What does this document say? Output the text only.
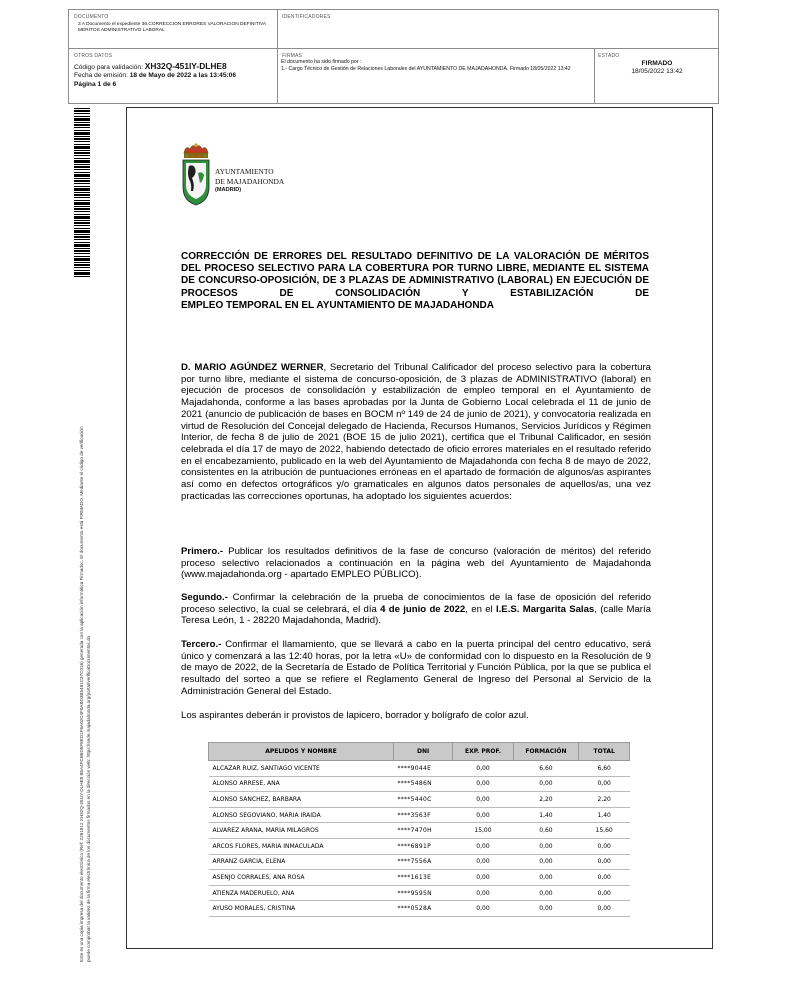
DOCUMENTO
3 A Documento el expediente 36.CORRECCION ERRORES VALORACION DEFINITIVA MERITOS ADMINISTRATIVO LABORAL
IDENTIFICADORES
OTROS DATOS
Código para validación: XH32Q-451IY-DLHE8
Fecha de emisión: 18 de Mayo de 2022 a las 13:45:06
Página 1 de 6
FIRMAS
El documento ha sido firmado por :
1.- Cargo Técnico de Gestión de Relaciones Laborales del AYUNTAMIENTO DE MAJADAHONDA. Firmado 18/05/2022 13:42
ESTADO
FIRMADO
18/05/2022 13:42
Este es una copia impresa del documento electrónico (Ref: 2281812 XH32Q-451IY-DLHE8 B5A4FCB6D5F8ED1F6A02C4F0ABD3B5481C37C016) generada con la aplicación informática Firmadoc. El documento está FIRMADO. Mediante el código de verificación puede comprobar la validez de la firma electrónica de los documentos firmados en la dirección web: https://sede.majadahonda.org/portal/verificaDocumentos.do
AYUNTAMIENTO
DE MAJADAHONDA
(MADRID)
CORRECCIÓN DE ERRORES DEL RESULTADO DEFINITIVO DE LA VALORACIÓN DE MÉRITOS DEL PROCESO SELECTIVO PARA LA COBERTURA POR TURNO LIBRE, MEDIANTE EL SISTEMA DE CONCURSO-OPOSICIÓN, DE 3 PLAZAS DE ADMINISTRATIVO (LABORAL) EN EJECUCIÓN DE PROCESOS DE CONSOLIDACIÓN Y ESTABILIZACIÓN DE
EMPLEO TEMPORAL EN EL AYUNTAMIENTO DE MAJADAHONDA
D. MARIO AGÚNDEZ WERNER, Secretario del Tribunal Calificador del proceso selectivo para la cobertura por turno libre, mediante el sistema de concurso-oposición, de 3 plazas de ADMINISTRATIVO (laboral) en ejecución de procesos de consolidación y estabilización de empleo temporal en el Ayuntamiento de Majadahonda, conforme a las bases aprobadas por la Junta de Gobierno Local celebrada el 11 de junio de 2021 (anuncio de publicación de bases en BOCM nº 149 de 24 de junio de 2021), y convocatoria realizada en virtud de Resolución del Concejal delegado de Hacienda, Recursos Humanos, Servicios Jurídicos y Régimen Interior, de fecha 8 de julio de 2021 (BOE 15 de julio 2021), certifica que el Tribunal Calificador, en sesión celebrada el día 17 de mayo de 2022, habiendo detectado de oficio errores materiales en el resultado referido en el encabezamiento, publicado en la web del Ayuntamiento de Majadahonda con fecha 8 de mayo de 2022, consistentes en la atribución de puntuaciones erróneas en el apartado de formación de algunos/as aspirantes así como en defectos ortográficos y/o gramaticales en algunos datos personales de aquellos/as, una vez practicadas las correcciones oportunas, ha adoptado los siguientes acuerdos:
Primero.- Publicar los resultados definitivos de la fase de concurso (valoración de méritos) del referido proceso selectivo relacionados a continuación en la página web del Ayuntamiento de Majadahonda (www.majadahonda.org - apartado EMPLEO PÚBLICO).
Segundo.- Confirmar la celebración de la prueba de conocimientos de la fase de oposición del referido proceso selectivo, la cual se celebrará, el día 4 de junio de 2022, en el I.E.S. Margarita Salas, (calle María Teresa León, 1 - 28220 Majadahonda, Madrid).
Tercero.- Confirmar el llamamiento, que se llevará a cabo en la puerta principal del centro educativo, será único y comenzará a las 12:40 horas, por la letra «U» de conformidad con lo dispuesto en la Resolución de 9 de mayo de 2022, de la Secretaría de Estado de Política Territorial y Función Pública, por la que se publica el resultado del sorteo a que se refiere el Reglamento General de Ingreso del Personal al Servicio de la Administración General del Estado.
Los aspirantes deberán ir provistos de lapicero, borrador y bolígrafo de color azul.
APELIDOS Y NOMBRE	DNI	EXP. PROF.	FORMACIÓN	TOTAL
ALCAZAR RUIZ, SANTIAGO VICENTE	****9044E	0,00	6,60	6,60
ALONSO ARRESE, ANA	****5486N	0,00	0,00	0,00
ALONSO SANCHEZ, BARBARA	****5440C	0,00	2,20	2,20
ALONSO SEGOVIANO, MARIA IRAIDA	****3563F	0,00	1,40	1,40
ALVAREZ ARANA, MARIA MILAGROS	****7470H	15,00	0,60	15,60
ARCOS FLORES, MARIA INMACULADA	****6891P	0,00	0,00	0,00
ARRANZ GARCIA, ELENA	****7556A	0,00	0,00	0,00
ASENJO CORRALES, ANA ROSA	****1613E	0,00	0,00	0,00
ATIENZA MADERUELO, ANA	****9595N	0,00	0,00	0,00
AYUSO MORALES, CRISTINA	****0528A	0,00	0,00	0,00
